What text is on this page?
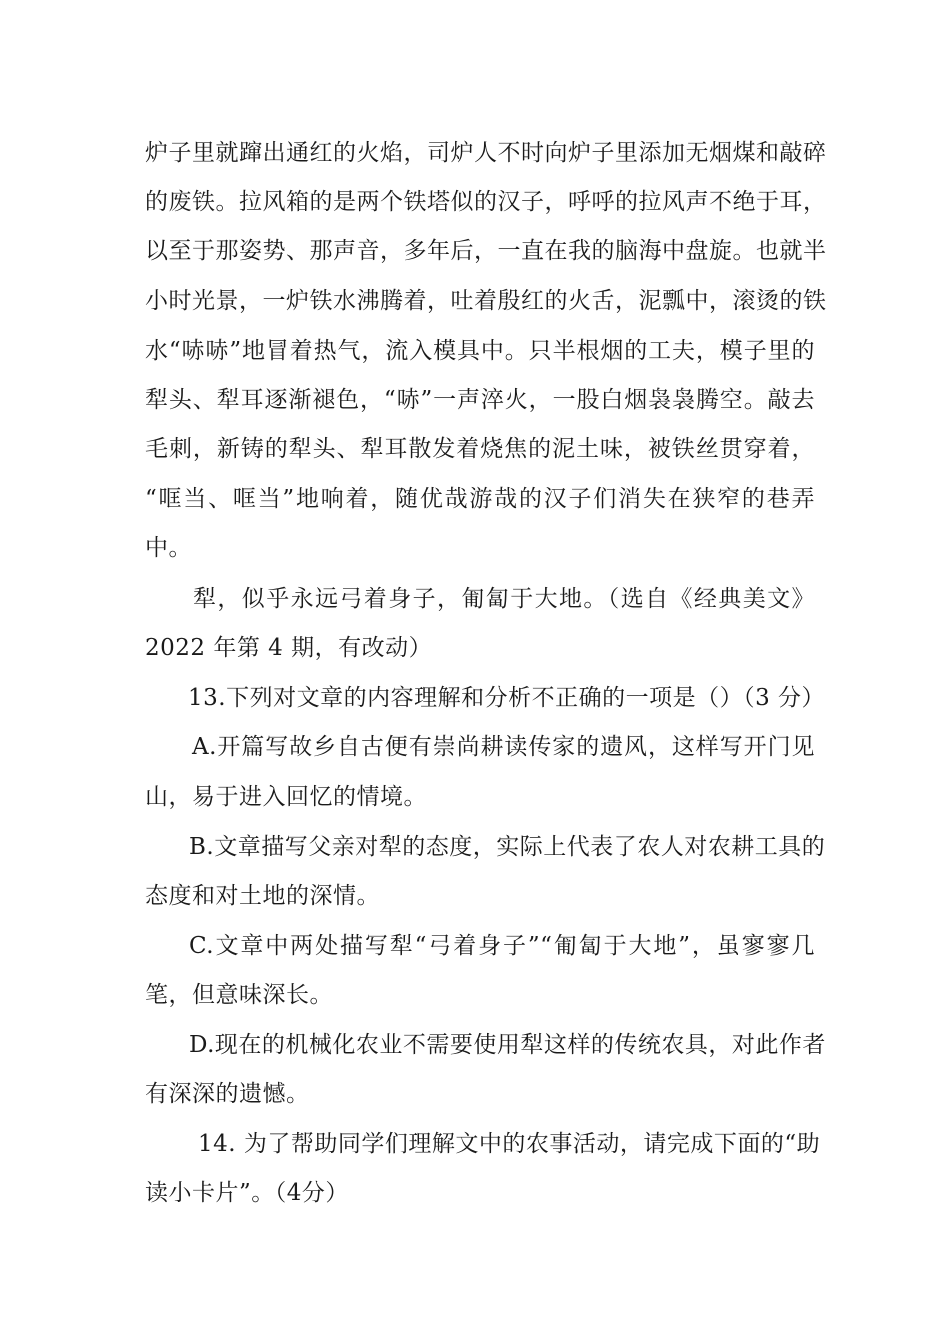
炉子里就蹿出通红的火焰，司炉人不时向炉子里添加无烟煤和敲碎
的废铁。拉风箱的是两个铁塔似的汉子，呼呼的拉风声不绝于耳，
以至于那姿势、那声音，多年后，一直在我的脑海中盘旋。也就半
小时光景，一炉铁水沸腾着，吐着殷红的火舌，泥瓢中，滚烫的铁
水“哧哧”地冒着热气，流入模具中。只半根烟的工夫，模子里的
犁头、犁耳逐渐褪色，“哧”一声淬火，一股白烟袅袅腾空。敲去
毛刺，新铸的犁头、犁耳散发着烧焦的泥土味，被铁丝贯穿着，
“哐当、哐当”地响着，随优哉游哉的汉子们消失在狭窄的巷弄
中。
犁，似乎永远弓着身子，匍匐于大地。（选自《经典美文》
2022 年第 4 期，有改动）
13.下列对文章的内容理解和分析不正确的一项是（）（3 分）
A.开篇写故乡自古便有崇尚耕读传家的遗风，这样写开门见
山，易于进入回忆的情境。
B.文章描写父亲对犁的态度，实际上代表了农人对农耕工具的
态度和对土地的深情。
C.文章中两处描写犁“弓着身子”“匍匐于大地”，虽寥寥几
笔，但意味深长。
D.现在的机械化农业不需要使用犁这样的传统农具，对此作者
有深深的遗憾。
14. 为了帮助同学们理解文中的农事活动，请完成下面的“助
读小卡片”。（4分）
